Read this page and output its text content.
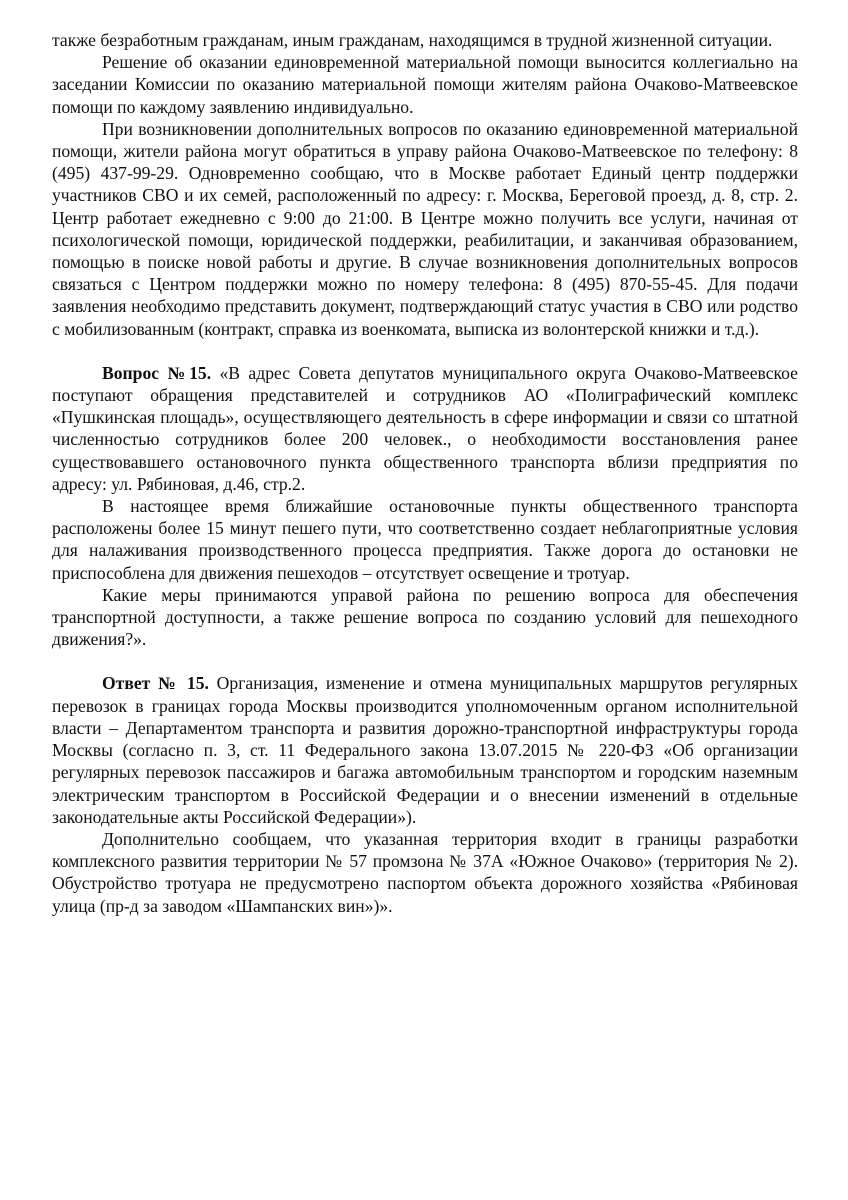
также безработным гражданам, иным гражданам, находящимся в трудной жизненной ситуации.

Решение об оказании единовременной материальной помощи выносится коллегиально на заседании Комиссии по оказанию материальной помощи жителям района Очаково-Матвеевское помощи по каждому заявлению индивидуально.

При возникновении дополнительных вопросов по оказанию единовременной материальной помощи, жители района могут обратиться в управу района Очаково-Матвеевское по телефону: 8 (495) 437-99-29. Одновременно сообщаю, что в Москве работает Единый центр поддержки участников СВО и их семей, расположенный по адресу: г. Москва, Береговой проезд, д. 8, стр. 2. Центр работает ежедневно с 9:00 до 21:00. В Центре можно получить все услуги, начиная от психологической помощи, юридической поддержки, реабилитации, и заканчивая образованием, помощью в поиске новой работы и другие. В случае возникновения дополнительных вопросов связаться с Центром поддержки можно по номеру телефона: 8 (495) 870-55-45. Для подачи заявления необходимо представить документ, подтверждающий статус участия в СВО или родство с мобилизованным (контракт, справка из военкомата, выписка из волонтерской книжки и т.д.).

Вопрос №15. «В адрес Совета депутатов муниципального округа Очаково-Матвеевское поступают обращения представителей и сотрудников АО «Полиграфический комплекс «Пушкинская площадь», осуществляющего деятельность в сфере информации и связи со штатной численностью сотрудников более 200 человек., о необходимости восстановления ранее существовавшего остановочного пункта общественного транспорта вблизи предприятия по адресу: ул. Рябиновая, д.46, стр.2.

В настоящее время ближайшие остановочные пункты общественного транспорта расположены более 15 минут пешего пути, что соответственно создает неблагоприятные условия для налаживания производственного процесса предприятия. Также дорога до остановки не приспособлена для движения пешеходов – отсутствует освещение и тротуар.

Какие меры принимаются управой района по решению вопроса для обеспечения транспортной доступности, а также решение вопроса по созданию условий для пешеходного движения?».

Ответ № 15. Организация, изменение и отмена муниципальных маршрутов регулярных перевозок в границах города Москвы производится уполномоченным органом исполнительной власти – Департаментом транспорта и развития дорожно-транспортной инфраструктуры города Москвы (согласно п. 3, ст. 11 Федерального закона 13.07.2015 № 220-ФЗ «Об организации регулярных перевозок пассажиров и багажа автомобильным транспортом и городским наземным электрическим транспортом в Российской Федерации и о внесении изменений в отдельные законодательные акты Российской Федерации»).

Дополнительно сообщаем, что указанная территория входит в границы разработки комплексного развития территории № 57 промзона № 37А «Южное Очаково» (территория № 2). Обустройство тротуара не предусмотрено паспортом объекта дорожного хозяйства «Рябиновая улица (пр-д за заводом «Шампанских вин»)».
